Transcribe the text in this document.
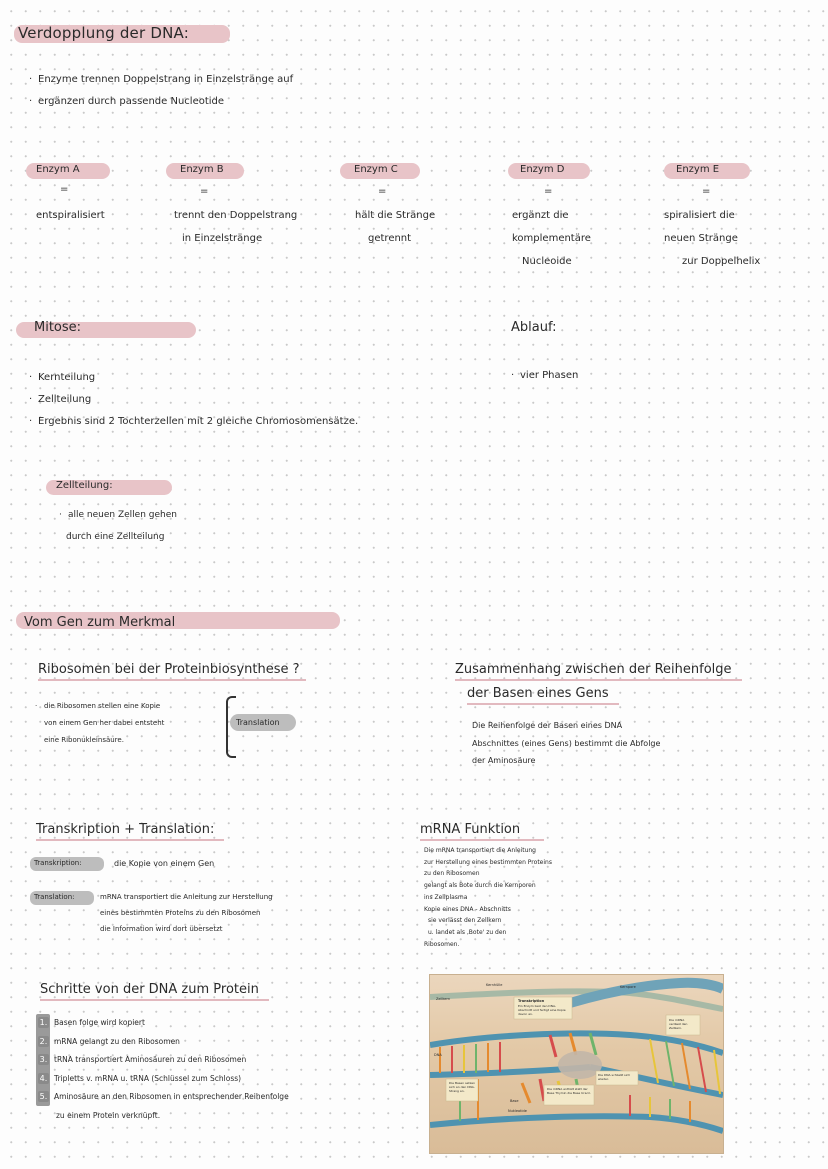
Verdopplung der DNA:
· Enzyme trennen Doppelstrang in Einzelstränge auf
· ergänzen durch passende Nucleotide
Enzym A
=
entspiralisiert
Enzym B
=
trennt den Doppelstrang
in Einzelstränge
Enzym C
=
hält die Stränge
getrennt
Enzym D
=
ergänzt die
komplementäre
Nucleoide
Enzym E
=
spiralisiert die
neuen Stränge
zur Doppelhelix
Mitose:	Ablauf:
· vier Phasen
· Kernteilung
· Zellteilung
· Ergebnis sind 2 Tochterzellen mit 2 gleiche Chromosomensätze.
Zellteilung:
· alle neuen Zellen gehen
durch eine Zellteilung
Vom Gen zum Merkmal
Ribosomen bei der Proteinbiosynthese ?
· die Ribosomen stellen eine Kopie
von einem Gen her dabei entsteht
eine Ribonukleinsäure.
Translation
Zusammenhang zwischen der Reihenfolge
der Basen eines Gens
Die Reihenfolge der Basen eines DNA
Abschnittes (eines Gens) bestimmt die Abfolge
der Aminosäure
Transkription + Translation:
Transkription:	die Kopie von einem Gen
Translation:	mRNA transportiert die Anleitung zur Herstellung
eines bestimmten Proteins zu den Ribosomen
die Information wird dort übersetzt
mRNA Funktion
Die mRNA transportiert die Anleitung
zur Herstellung eines bestimmten Proteins
zu den Ribosomen
gelangt als Bote durch die Kernporen
ins Zellplasma
Kopie eines DNA - Abschnitts
sie verlässt den Zellkern
u. landet als ‚Bote' zu den
Ribosomen.
Schritte von der DNA zum Protein
1. Basen folge wird kopiert
2. mRNA gelangt zu den Ribosomen
3. tRNA transportiert Aminosäuren zu den Ribosomen
4. Tripletts v. mRNA u. tRNA (Schlüssel zum Schloss)
5. Aminosäure an den Ribosomen in entsprechender Reihenfolge
zu einem Protein verknüpft.
Zellkern
Kernhülle	Kernpore
Transkription
Ein Enzym liest den DNA-Abschnitt und fertigt eine Kopie davon an.
Die mRNA verlässt den Zellkern.
DNA
Die Basen setzen sich an den DNA-Strang an.
Base
Nukleotide
Die mRNA enthält statt der Base Thymin die Base Uracil.
Die DNA schließt sich wieder.
